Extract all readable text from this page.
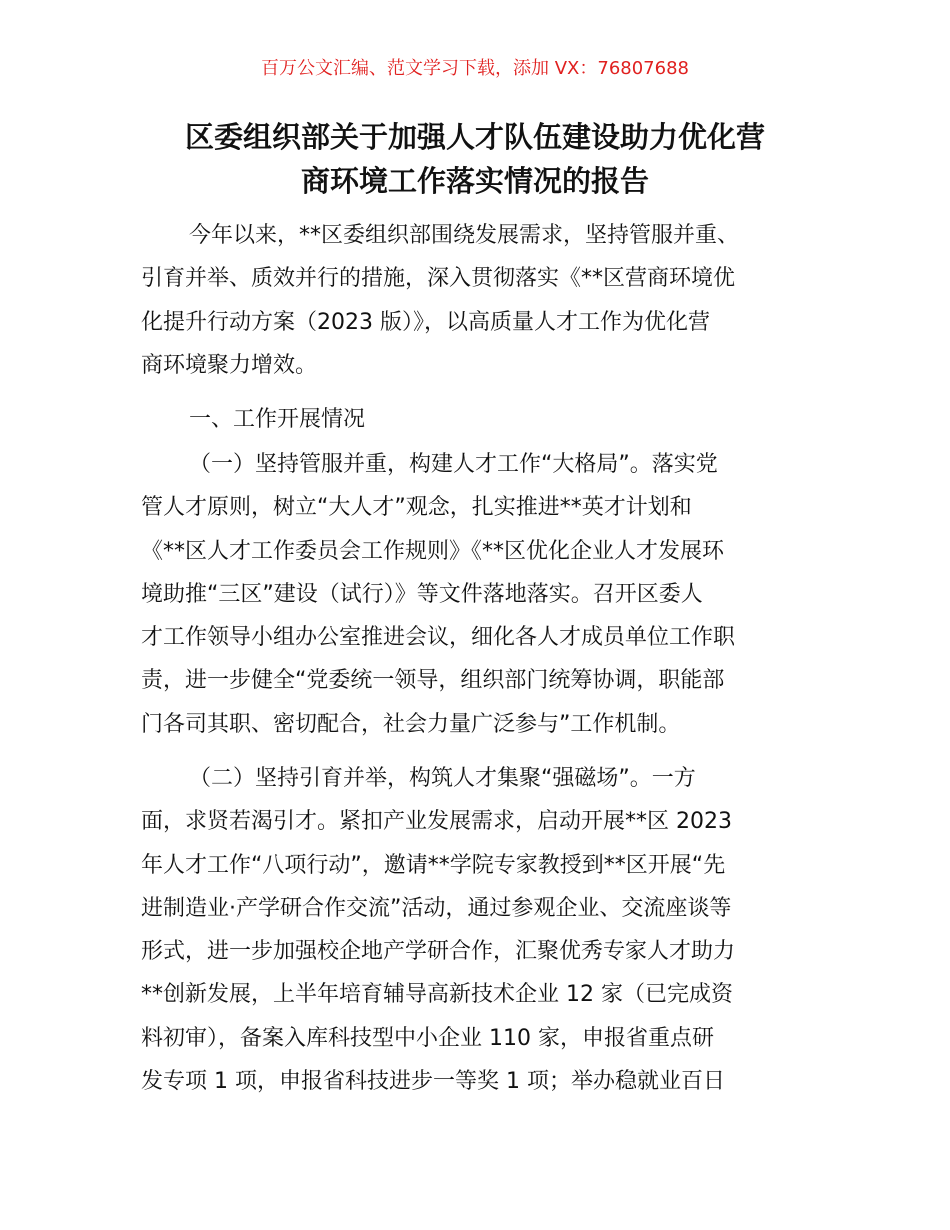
百万公文汇编、范文学习下载，添加 VX：76807688
区委组织部关于加强人才队伍建设助力优化营
商环境工作落实情况的报告
今年以来，**区委组织部围绕发展需求，坚持管服并重、
引育并举、质效并行的措施，深入贯彻落实《**区营商环境优
化提升行动方案（2023 版）》，以高质量人才工作为优化营
商环境聚力增效。
一、工作开展情况
（一）坚持管服并重，构建人才工作“大格局”。落实党
管人才原则，树立“大人才”观念，扎实推进**英才计划和
《**区人才工作委员会工作规则》《**区优化企业人才发展环
境助推“三区”建设（试行）》等文件落地落实。召开区委人
才工作领导小组办公室推进会议，细化各人才成员单位工作职
责，进一步健全“党委统一领导，组织部门统筹协调，职能部
门各司其职、密切配合，社会力量广泛参与”工作机制。
（二）坚持引育并举，构筑人才集聚“强磁场”。一方
面，求贤若渴引才。紧扣产业发展需求，启动开展**区 2023
年人才工作“八项行动”，邀请**学院专家教授到**区开展“先
进制造业·产学研合作交流”活动，通过参观企业、交流座谈等
形式，进一步加强校企地产学研合作，汇聚优秀专家人才助力
**创新发展，上半年培育辅导高新技术企业 12 家（已完成资
料初审），备案入库科技型中小企业 110 家，申报省重点研
发专项 1 项，申报省科技进步一等奖 1 项；举办稳就业百日
